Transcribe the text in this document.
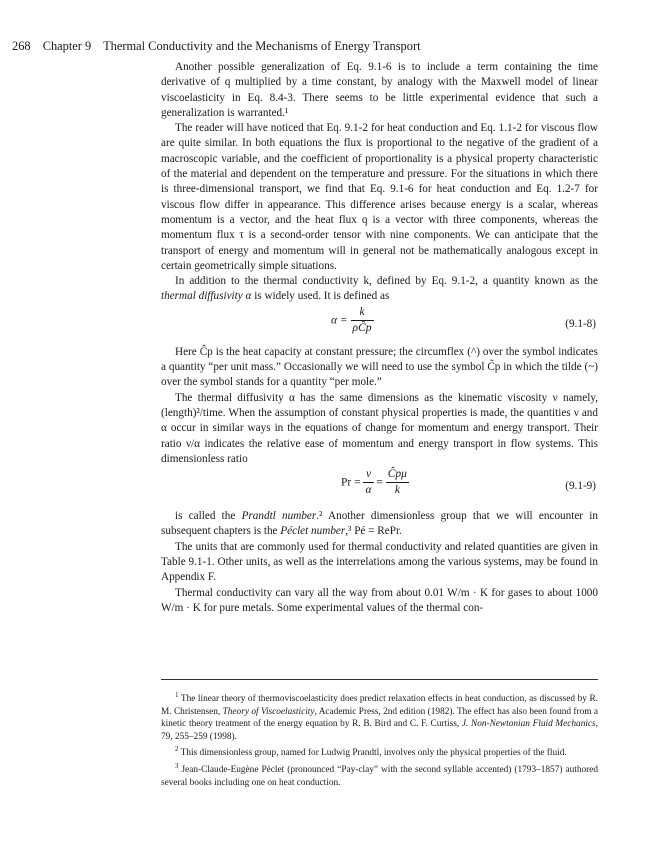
268 Chapter 9 Thermal Conductivity and the Mechanisms of Energy Transport

Another possible generalization of Eq. 9.1-6 is to include a term containing the time derivative of q multiplied by a time constant, by analogy with the Maxwell model of linear viscoelasticity in Eq. 8.4-3. There seems to be little experimental evidence that such a generalization is warranted.¹

The reader will have noticed that Eq. 9.1-2 for heat conduction and Eq. 1.1-2 for viscous flow are quite similar. In both equations the flux is proportional to the negative of the gradient of a macroscopic variable, and the coefficient of proportionality is a physical property characteristic of the material and dependent on the temperature and pressure. For the situations in which there is three-dimensional transport, we find that Eq. 9.1-6 for heat conduction and Eq. 1.2-7 for viscous flow differ in appearance. This difference arises because energy is a scalar, whereas momentum is a vector, and the heat flux q is a vector with three components, whereas the momentum flux τ is a second-order tensor with nine components. We can anticipate that the transport of energy and momentum will in general not be mathematically analogous except in certain geometrically simple situations.

In addition to the thermal conductivity k, defined by Eq. 9.1-2, a quantity known as the thermal diffusivity α is widely used. It is defined as

$\alpha = \frac{k}{\text{ρĈp}}$	(9.1-8)

Here Ĉp is the heat capacity at constant pressure; the circumflex (^) over the symbol indicates a quantity “per unit mass.” Occasionally we will need to use the symbol C̃p in which the tilde (~) over the symbol stands for a quantity “per mole.”

The thermal diffusivity α has the same dimensions as the kinematic viscosity ν namely, (length)²/time. When the assumption of constant physical properties is made, the quantities ν and α occur in similar ways in the equations of change for momentum and energy transport. Their ratio ν/α indicates the relative ease of momentum and energy transport in flow systems. This dimensionless ratio

$Pr = \frac{\nu}{\alpha} = \frac{\text{Ĉpμ}}{k}$	(9.1-9)

is called the Prandtl number.² Another dimensionless group that we will encounter in subsequent chapters is the Péclet number,³ Pé = RePr.

The units that are commonly used for thermal conductivity and related quantities are given in Table 9.1-1. Other units, as well as the interrelations among the various systems, may be found in Appendix F.

Thermal conductivity can vary all the way from about 0.01 W/m · K for gases to about 1000 W/m · K for pure metals. Some experimental values of the thermal con-

$^1$ The linear theory of thermoviscoelasticity does predict relaxation effects in heat conduction, as discussed by R. M. Christensen, Theory of Viscoelasticity, Academic Press, 2nd edition (1982). The effect has also been found from a kinetic theory treatment of the energy equation by R. B. Bird and C. F. Curtiss, J. Non-Newtonian Fluid Mechanics, 79, 255–259 (1998).

$^2$ This dimensionless group, named for Ludwig Prandtl, involves only the physical properties of the fluid.

$^3$ Jean-Claude-Eugène Péclet (pronounced “Pay-clay” with the second syllable accented) (1793–1857) authored several books including one on heat conduction.
